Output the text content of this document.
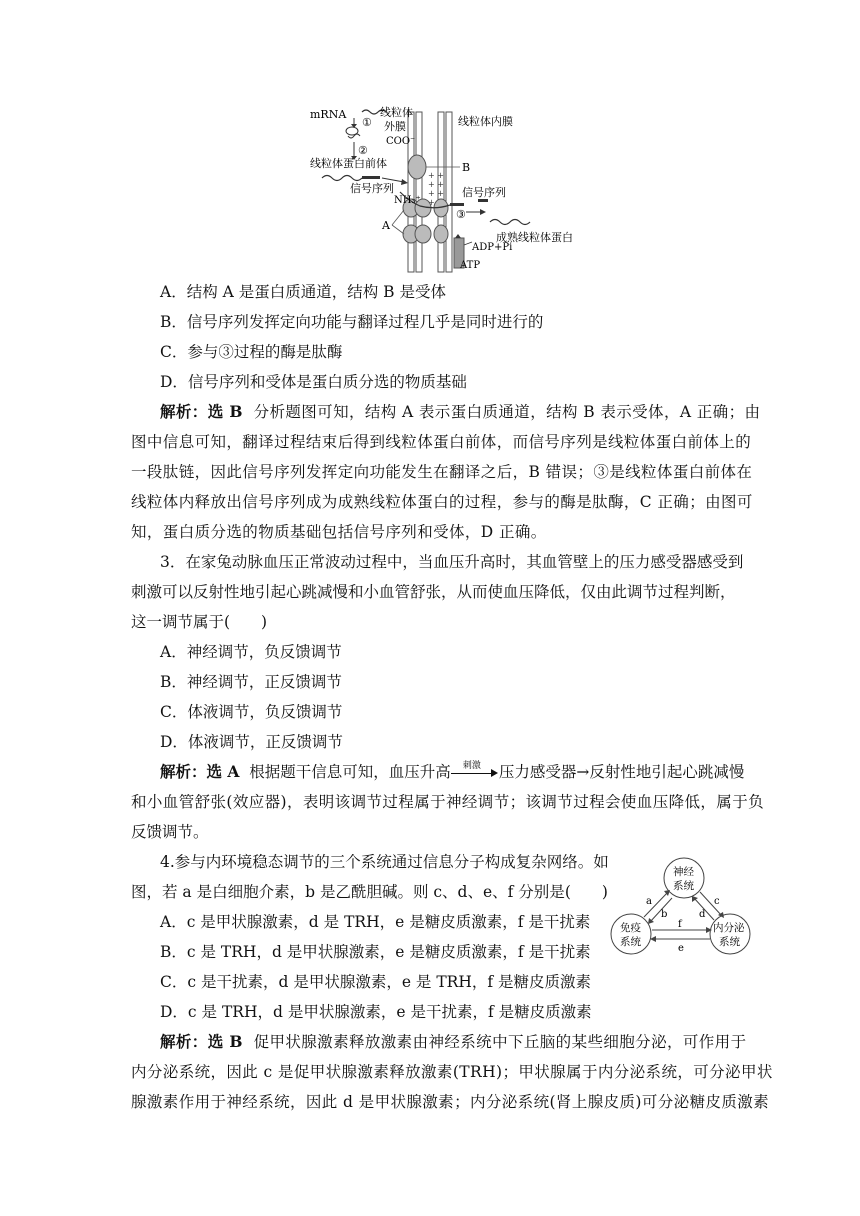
+ +
+ +
+ +
+
mRNA
①
②
线粒体
外膜
COO⁻
线粒体内膜
线粒体蛋白前体
信号序列
NH₃⁺
B
A
信号序列
③
成熟线粒体蛋白
ADP+Pi
ATP
A．结构 A 是蛋白质通道，结构 B 是受体
B．信号序列发挥定向功能与翻译过程几乎是同时进行的
C．参与③过程的酶是肽酶
D．信号序列和受体是蛋白质分选的物质基础
解析：选 B 分析题图可知，结构 A 表示蛋白质通道，结构 B 表示受体，A 正确；由
图中信息可知，翻译过程结束后得到线粒体蛋白前体，而信号序列是线粒体蛋白前体上的
一段肽链，因此信号序列发挥定向功能发生在翻译之后，B 错误；③是线粒体蛋白前体在
线粒体内释放出信号序列成为成熟线粒体蛋白的过程，参与的酶是肽酶，C 正确；由图可
知，蛋白质分选的物质基础包括信号序列和受体，D 正确。
3．在家兔动脉血压正常波动过程中，当血压升高时，其血管壁上的压力感受器感受到
刺激可以反射性地引起心跳减慢和小血管舒张，从而使血压降低，仅由此调节过程判断，
这一调节属于(　　)
A．神经调节，负反馈调节
B．神经调节，正反馈调节
C．体液调节，负反馈调节
D．体液调节，正反馈调节
解析：选 A 根据题干信息可知，血压升高 刺激 压力感受器→反射性地引起心跳减慢
和小血管舒张(效应器)，表明该调节过程属于神经调节；该调节过程会使血压降低，属于负
反馈调节。
4.参与内环境稳态调节的三个系统通过信息分子构成复杂网络。如
图，若 a 是白细胞介素，b 是乙酰胆碱。则 c、d、e、f 分别是(　　)
A．c 是甲状腺激素，d 是 TRH，e 是糖皮质激素，f 是干扰素
B．c 是 TRH，d 是甲状腺激素，e 是糖皮质激素，f 是干扰素
C．c 是干扰素，d 是甲状腺激素，e 是 TRH，f 是糖皮质激素
D．c 是 TRH，d 是甲状腺激素，e 是干扰素，f 是糖皮质激素
神经
系统
免疫
系统
内分泌
系统
a
b
c
d
f
e
解析：选 B 促甲状腺激素释放激素由神经系统中下丘脑的某些细胞分泌，可作用于
内分泌系统，因此 c 是促甲状腺激素释放激素(TRH)；甲状腺属于内分泌系统，可分泌甲状
腺激素作用于神经系统，因此 d 是甲状腺激素；内分泌系统(肾上腺皮质)可分泌糖皮质激素
